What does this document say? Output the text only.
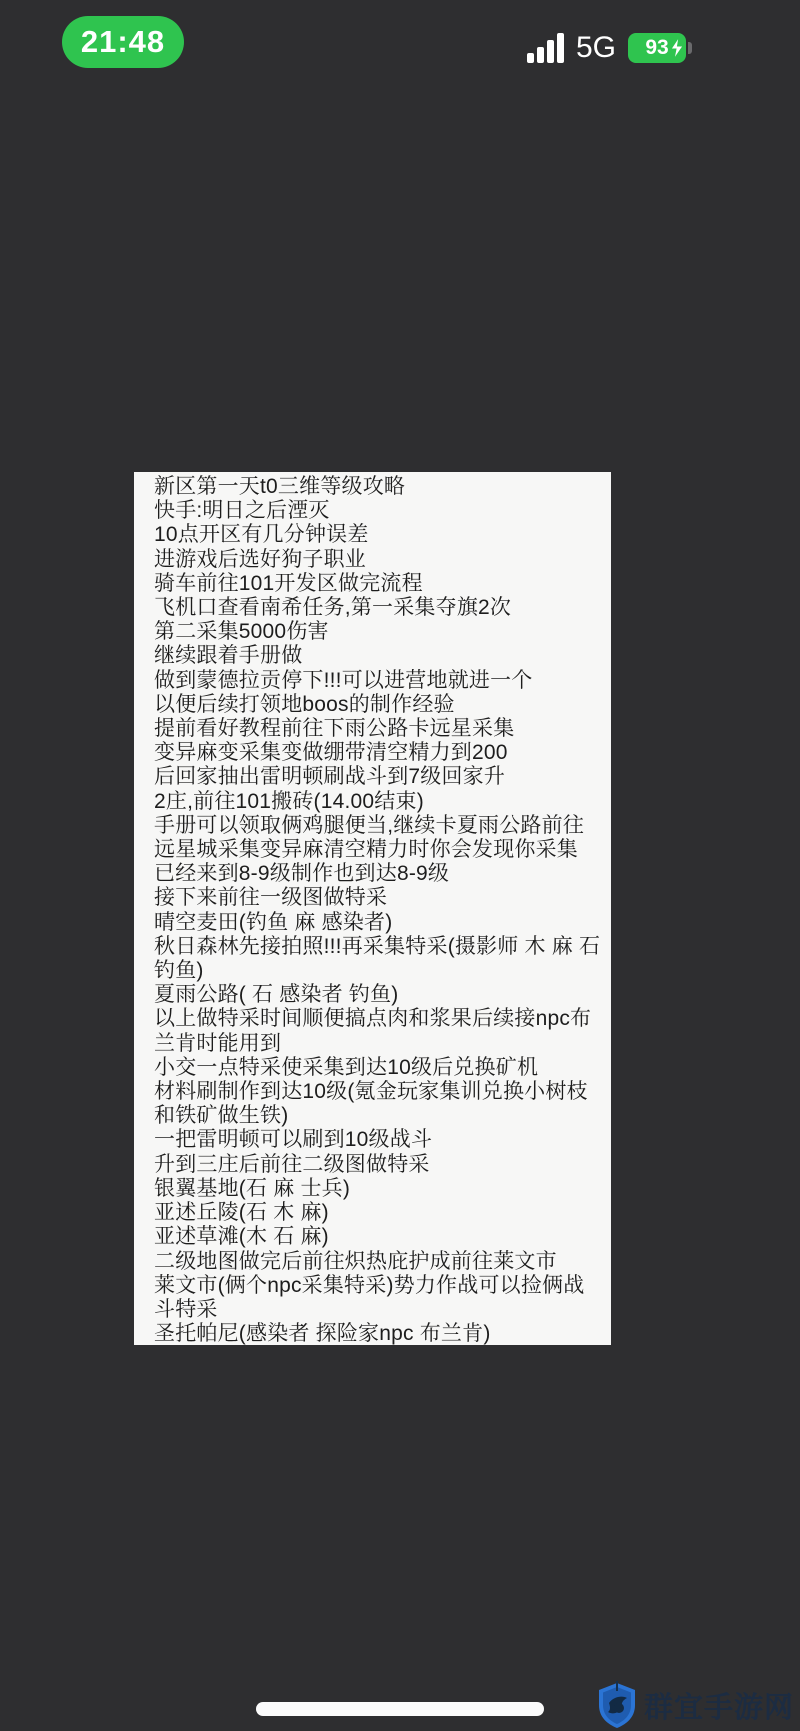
21:48	5G 93
新区第一天t0三维等级攻略
快手:明日之后湮灭
10点开区有几分钟误差
进游戏后选好狗子职业
骑车前往101开发区做完流程
飞机口查看南希任务,第一采集夺旗2次
第二采集5000伤害
继续跟着手册做
做到蒙德拉贡停下!!!可以进营地就进一个
以便后续打领地boos的制作经验
提前看好教程前往下雨公路卡远星采集
变异麻变采集变做绷带清空精力到200
后回家抽出雷明顿刷战斗到7级回家升
2庄,前往101搬砖(14.00结束)
手册可以领取俩鸡腿便当,继续卡夏雨公路前往
远星城采集变异麻清空精力时你会发现你采集
已经来到8-9级制作也到达8-9级
接下来前往一级图做特采
晴空麦田(钓鱼 麻 感染者)
秋日森林先接拍照!!!再采集特采(摄影师 木 麻 石
钓鱼)
夏雨公路( 石 感染者 钓鱼)
以上做特采时间顺便搞点肉和浆果后续接npc布
兰肯时能用到
小交一点特采使采集到达10级后兑换矿机
材料刷制作到达10级(氪金玩家集训兑换小树枝
和铁矿做生铁)
一把雷明顿可以刷到10级战斗
升到三庄后前往二级图做特采
银翼基地(石 麻 士兵)
亚述丘陵(石 木 麻)
亚述草滩(木 石 麻)
二级地图做完后前往炽热庇护成前往莱文市
莱文市(俩个npc采集特采)势力作战可以捡俩战
斗特采
圣托帕尼(感染者 探险家npc 布兰肯)
群宜手游网
